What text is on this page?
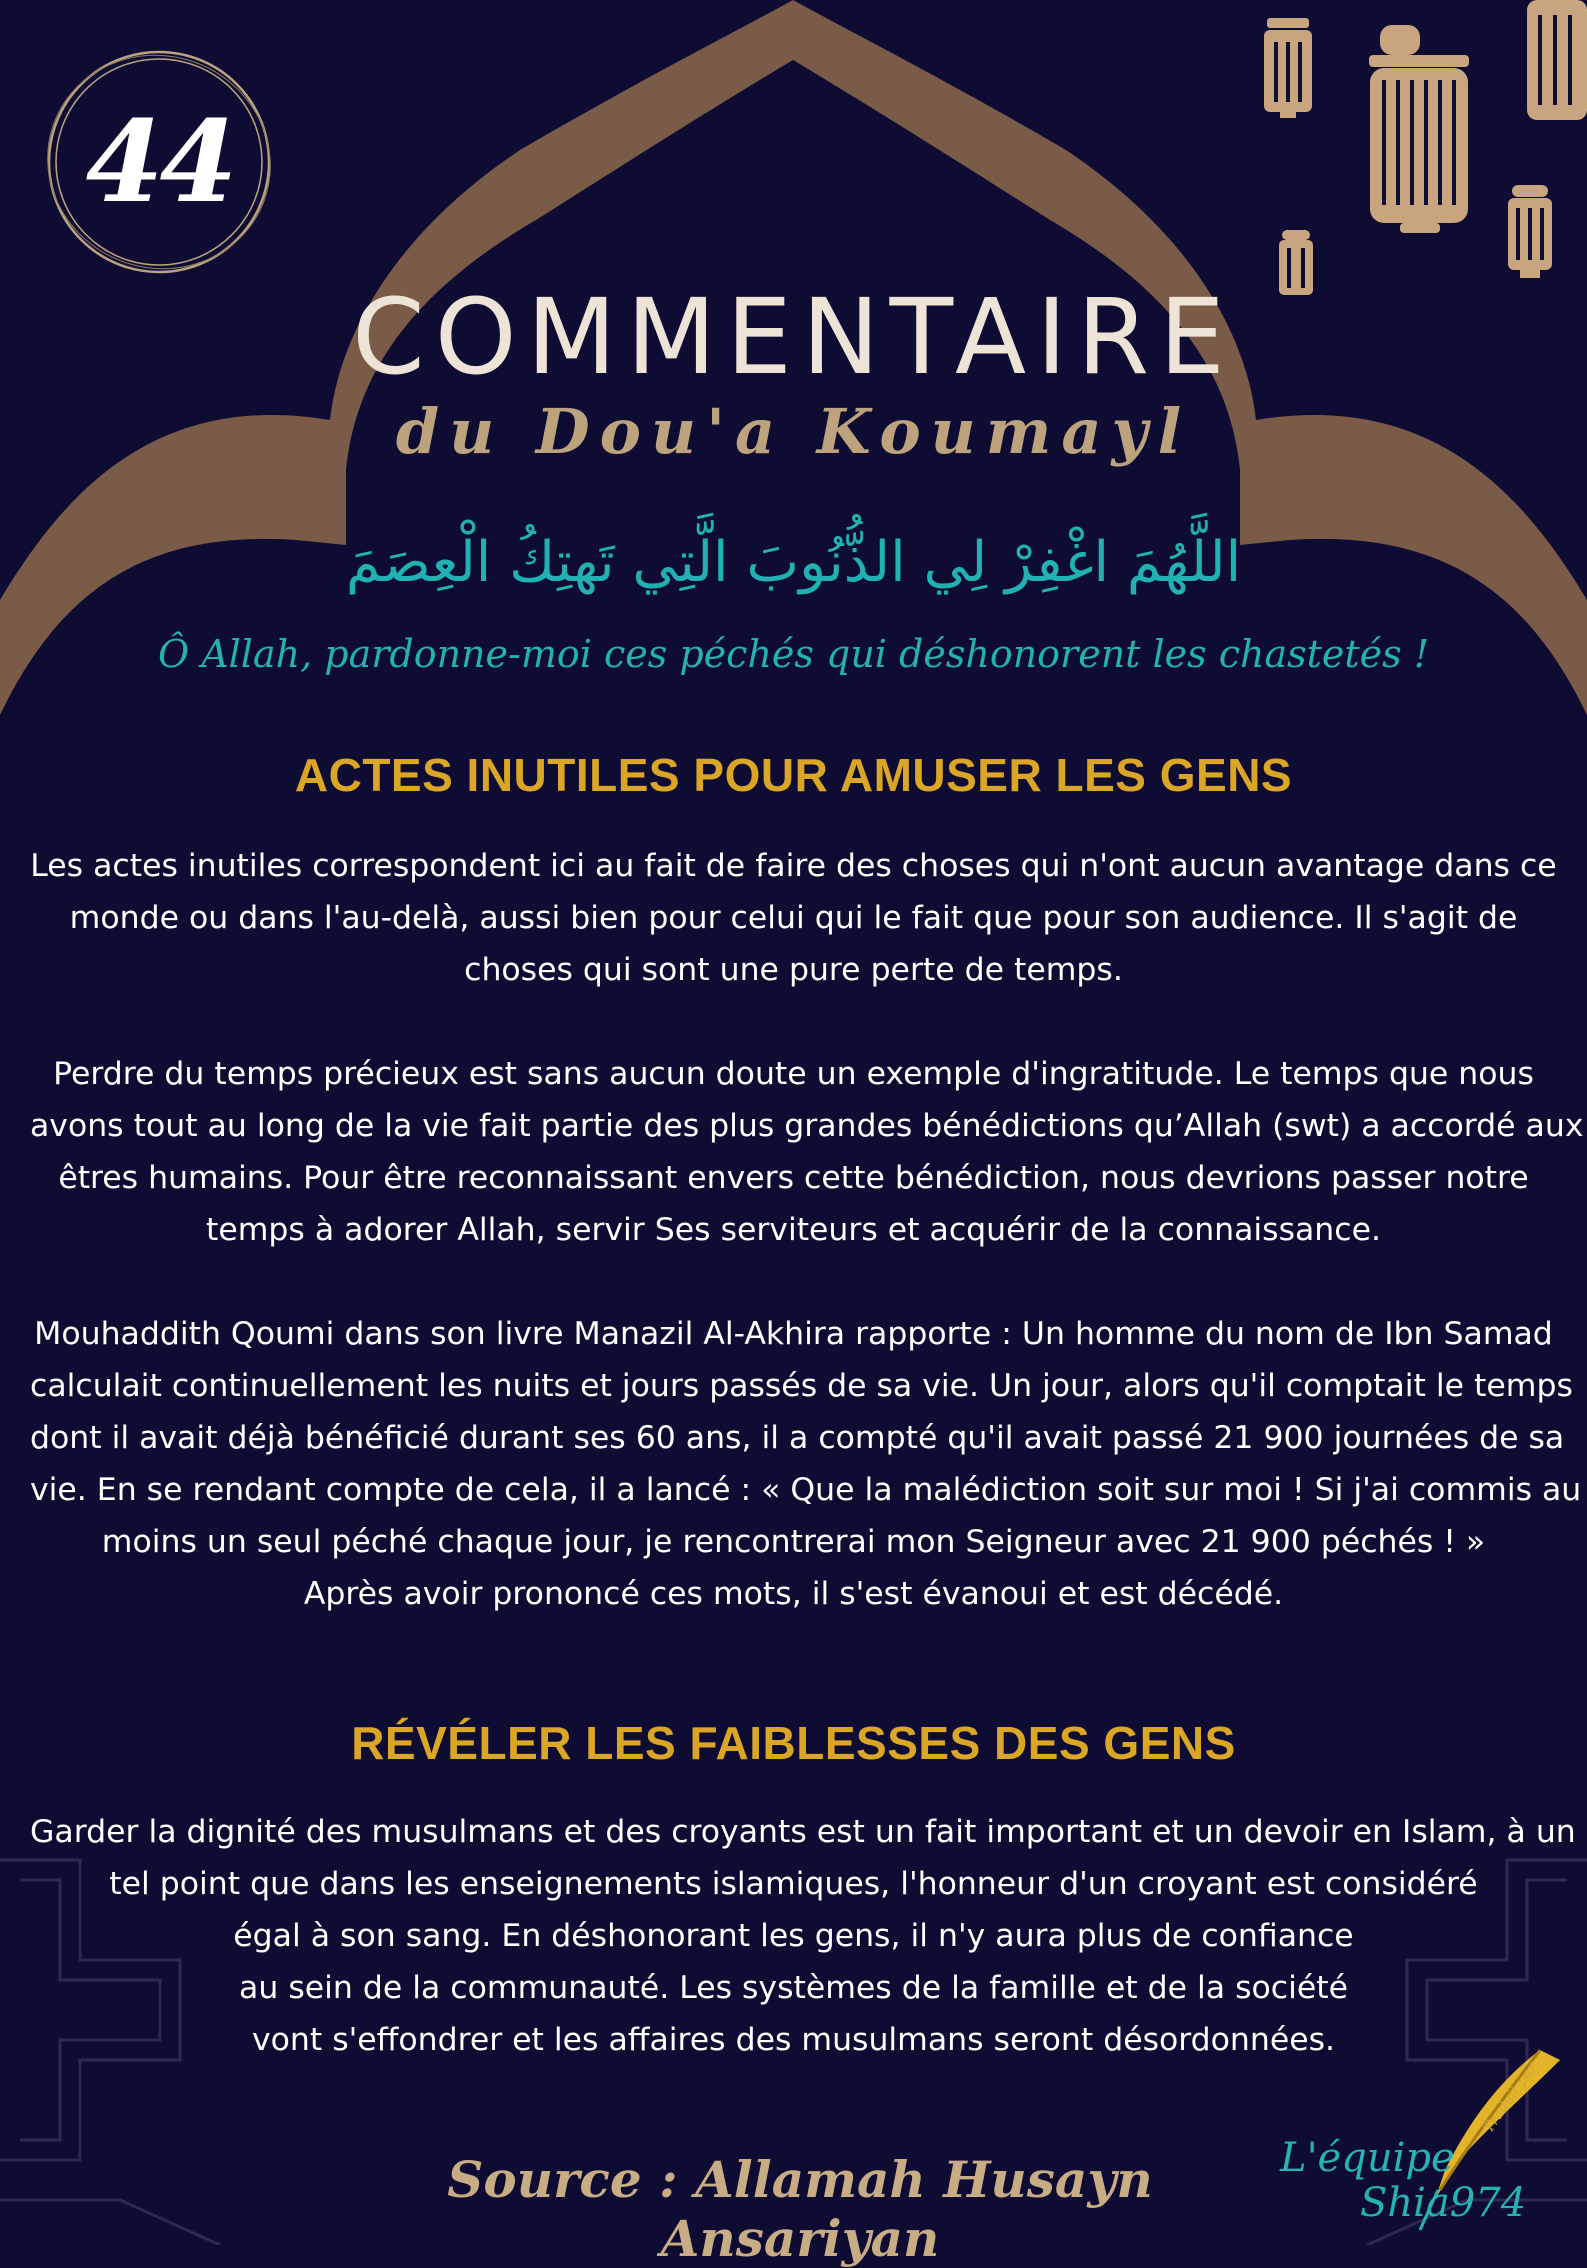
44
COMMENTAIRE
du Dou'a Koumayl
اللَّهُمَ اغْفِرْ لِي الذُّنُوبَ الَّتِي تَهتِكُ الْعِصَمَ
Ô Allah, pardonne-moi ces péchés qui déshonorent les chastetés !
ACTES INUTILES POUR AMUSER LES GENS

Les actes inutiles correspondent ici au fait de faire des choses qui n'ont aucun avantage dans ce
monde ou dans l'au-delà, aussi bien pour celui qui le fait que pour son audience. Il s'agit de
choses qui sont une pure perte de temps.

Perdre du temps précieux est sans aucun doute un exemple d'ingratitude. Le temps que nous
avons tout au long de la vie fait partie des plus grandes bénédictions qu’Allah (swt) a accordé aux
êtres humains. Pour être reconnaissant envers cette bénédiction, nous devrions passer notre
temps à adorer Allah, servir Ses serviteurs et acquérir de la connaissance.

Mouhaddith Qoumi dans son livre Manazil Al-Akhira rapporte : Un homme du nom de Ibn Samad
calculait continuellement les nuits et jours passés de sa vie. Un jour, alors qu'il comptait le temps
dont il avait déjà bénéficié durant ses 60 ans, il a compté qu'il avait passé 21 900 journées de sa
vie. En se rendant compte de cela, il a lancé : « Que la malédiction soit sur moi ! Si j'ai commis au
moins un seul péché chaque jour, je rencontrerai mon Seigneur avec 21 900 péchés ! »
Après avoir prononcé ces mots, il s'est évanoui et est décédé.

RÉVÉLER LES FAIBLESSES DES GENS

Garder la dignité des musulmans et des croyants est un fait important et un devoir en Islam, à un
tel point que dans les enseignements islamiques, l'honneur d'un croyant est considéré
égal à son sang. En déshonorant les gens, il n'y aura plus de confiance
au sein de la communauté. Les systèmes de la famille et de la société
vont s'effondrer et les affaires des musulmans seront désordonnées.

Source : Allamah Husayn Ansariyan
Traduit par
L'équipe
Shia974
